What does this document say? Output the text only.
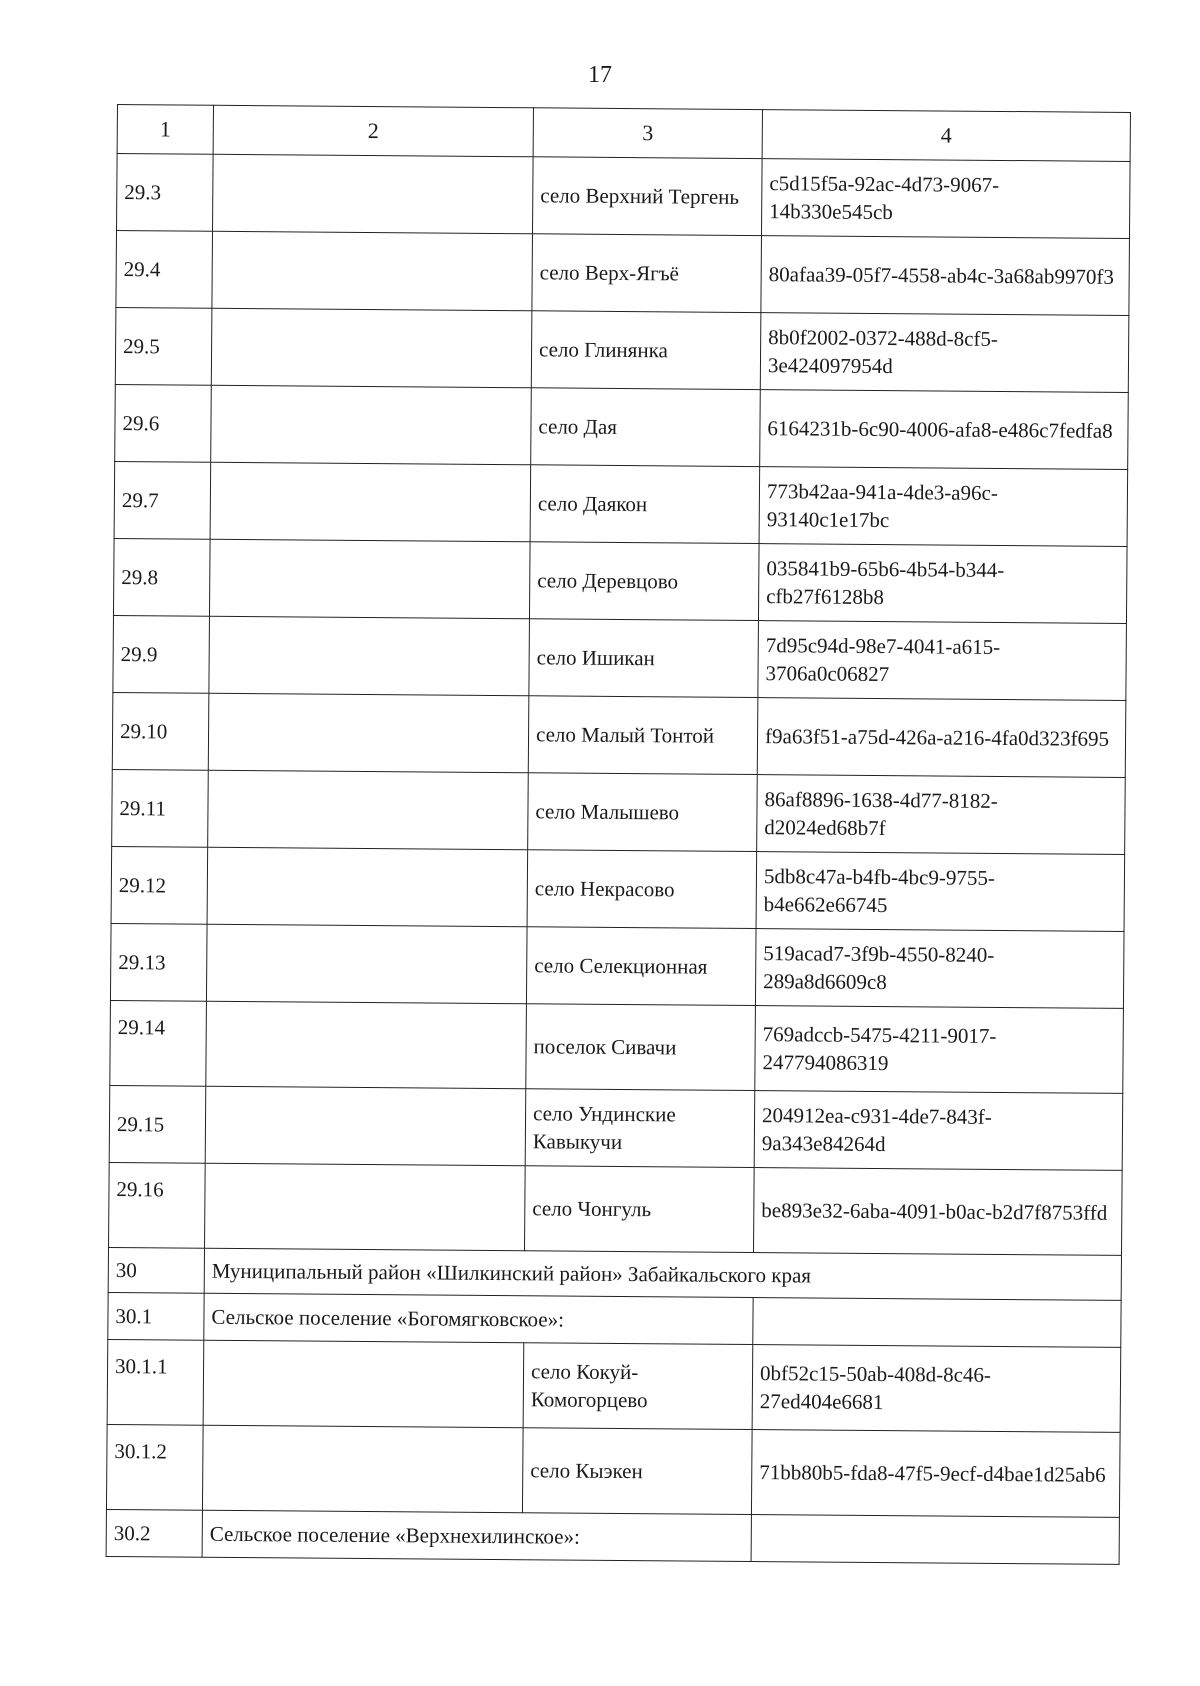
17
1	2	3	4
29.3		село Верхний Тергень	c5d15f5a-92ac-4d73-9067-14b330e545cb
29.4		село Верх-Ягъё	80afaa39-05f7-4558-ab4c-3a68ab9970f3
29.5		село Глинянка	8b0f2002-0372-488d-8cf5-3e424097954d
29.6		село Дая	6164231b-6c90-4006-afa8-e486c7fedfa8
29.7		село Даякон	773b42aa-941a-4de3-a96c-93140c1e17bc
29.8		село Деревцово	035841b9-65b6-4b54-b344-cfb27f6128b8
29.9		село Ишикан	7d95c94d-98e7-4041-a615-3706a0c06827
29.10		село Малый Тонтой	f9a63f51-a75d-426a-a216-4fa0d323f695
29.11		село Малышево	86af8896-1638-4d77-8182-d2024ed68b7f
29.12		село Некрасово	5db8c47a-b4fb-4bc9-9755-b4e662e66745
29.13		село Селекционная	519acad7-3f9b-4550-8240-289a8d6609c8
29.14		поселок Сивачи	769adccb-5475-4211-9017-247794086319
29.15		село Ундинские Кавыкучи	204912ea-c931-4de7-843f-9a343e84264d
29.16		село Чонгуль	be893e32-6aba-4091-b0ac-b2d7f8753ffd
30	Муниципальный район «Шилкинский район» Забайкальского края		
30.1	Сельское поселение «Богомягковское»:		
30.1.1		село Кокуй-Комогорцево	0bf52c15-50ab-408d-8c46-27ed404e6681
30.1.2		село Кыэкен	71bb80b5-fda8-47f5-9ecf-d4bae1d25ab6
30.2	Сельское поселение «Верхнехилинское»:		
